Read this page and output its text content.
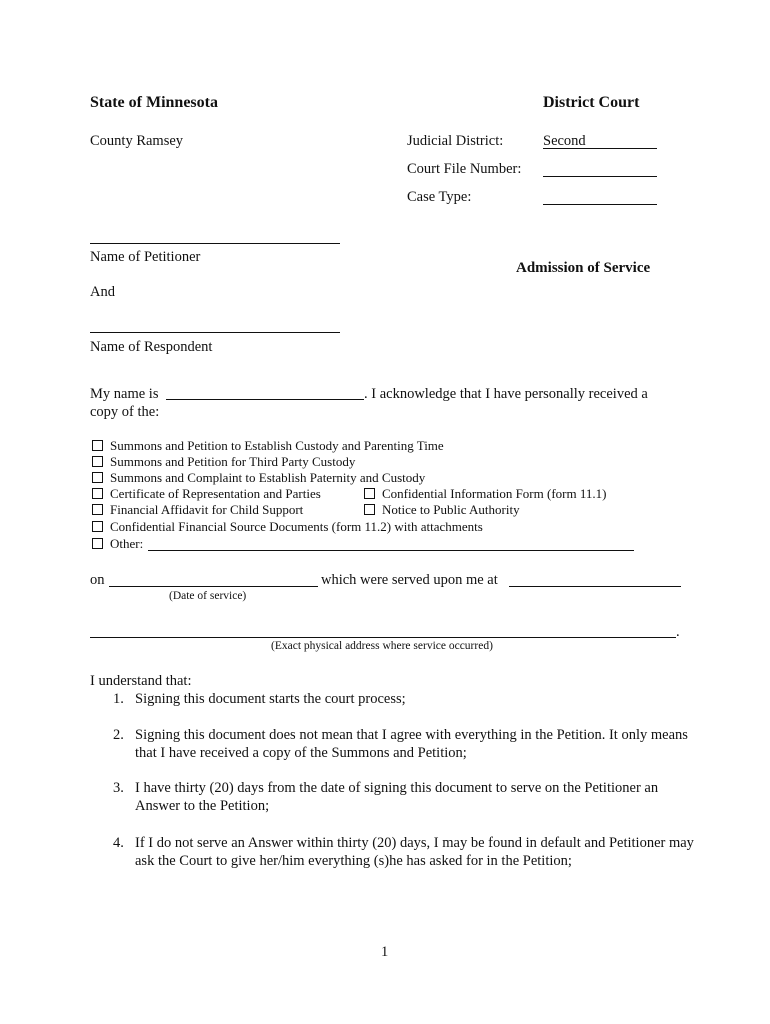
State of Minnesota	District Court
County Ramsey	Judicial District:	Second
Court File Number:
Case Type:
Name of Petitioner
Admission of Service
And
Name of Respondent
My name is	. I acknowledge that I have personally received a
copy of the:
Summons and Petition to Establish Custody and Parenting Time
Summons and Petition for Third Party Custody
Summons and Complaint to Establish Paternity and Custody
Certificate of Representation and Parties	Confidential Information Form (form 11.1)
Financial Affidavit for Child Support	Notice to Public Authority
Confidential Financial Source Documents (form 11.2) with attachments
Other:
on	which were served upon me at
(Date of service)
.
(Exact physical address where service occurred)
I understand that:
1. Signing this document starts the court process;
2. Signing this document does not mean that I agree with everything in the Petition. It only means that I have received a copy of the Summons and Petition;
3. I have thirty (20) days from the date of signing this document to serve on the Petitioner an Answer to the Petition;
4. If I do not serve an Answer within thirty (20) days, I may be found in default and Petitioner may ask the Court to give her/him everything (s)he has asked for in the Petition;
1
